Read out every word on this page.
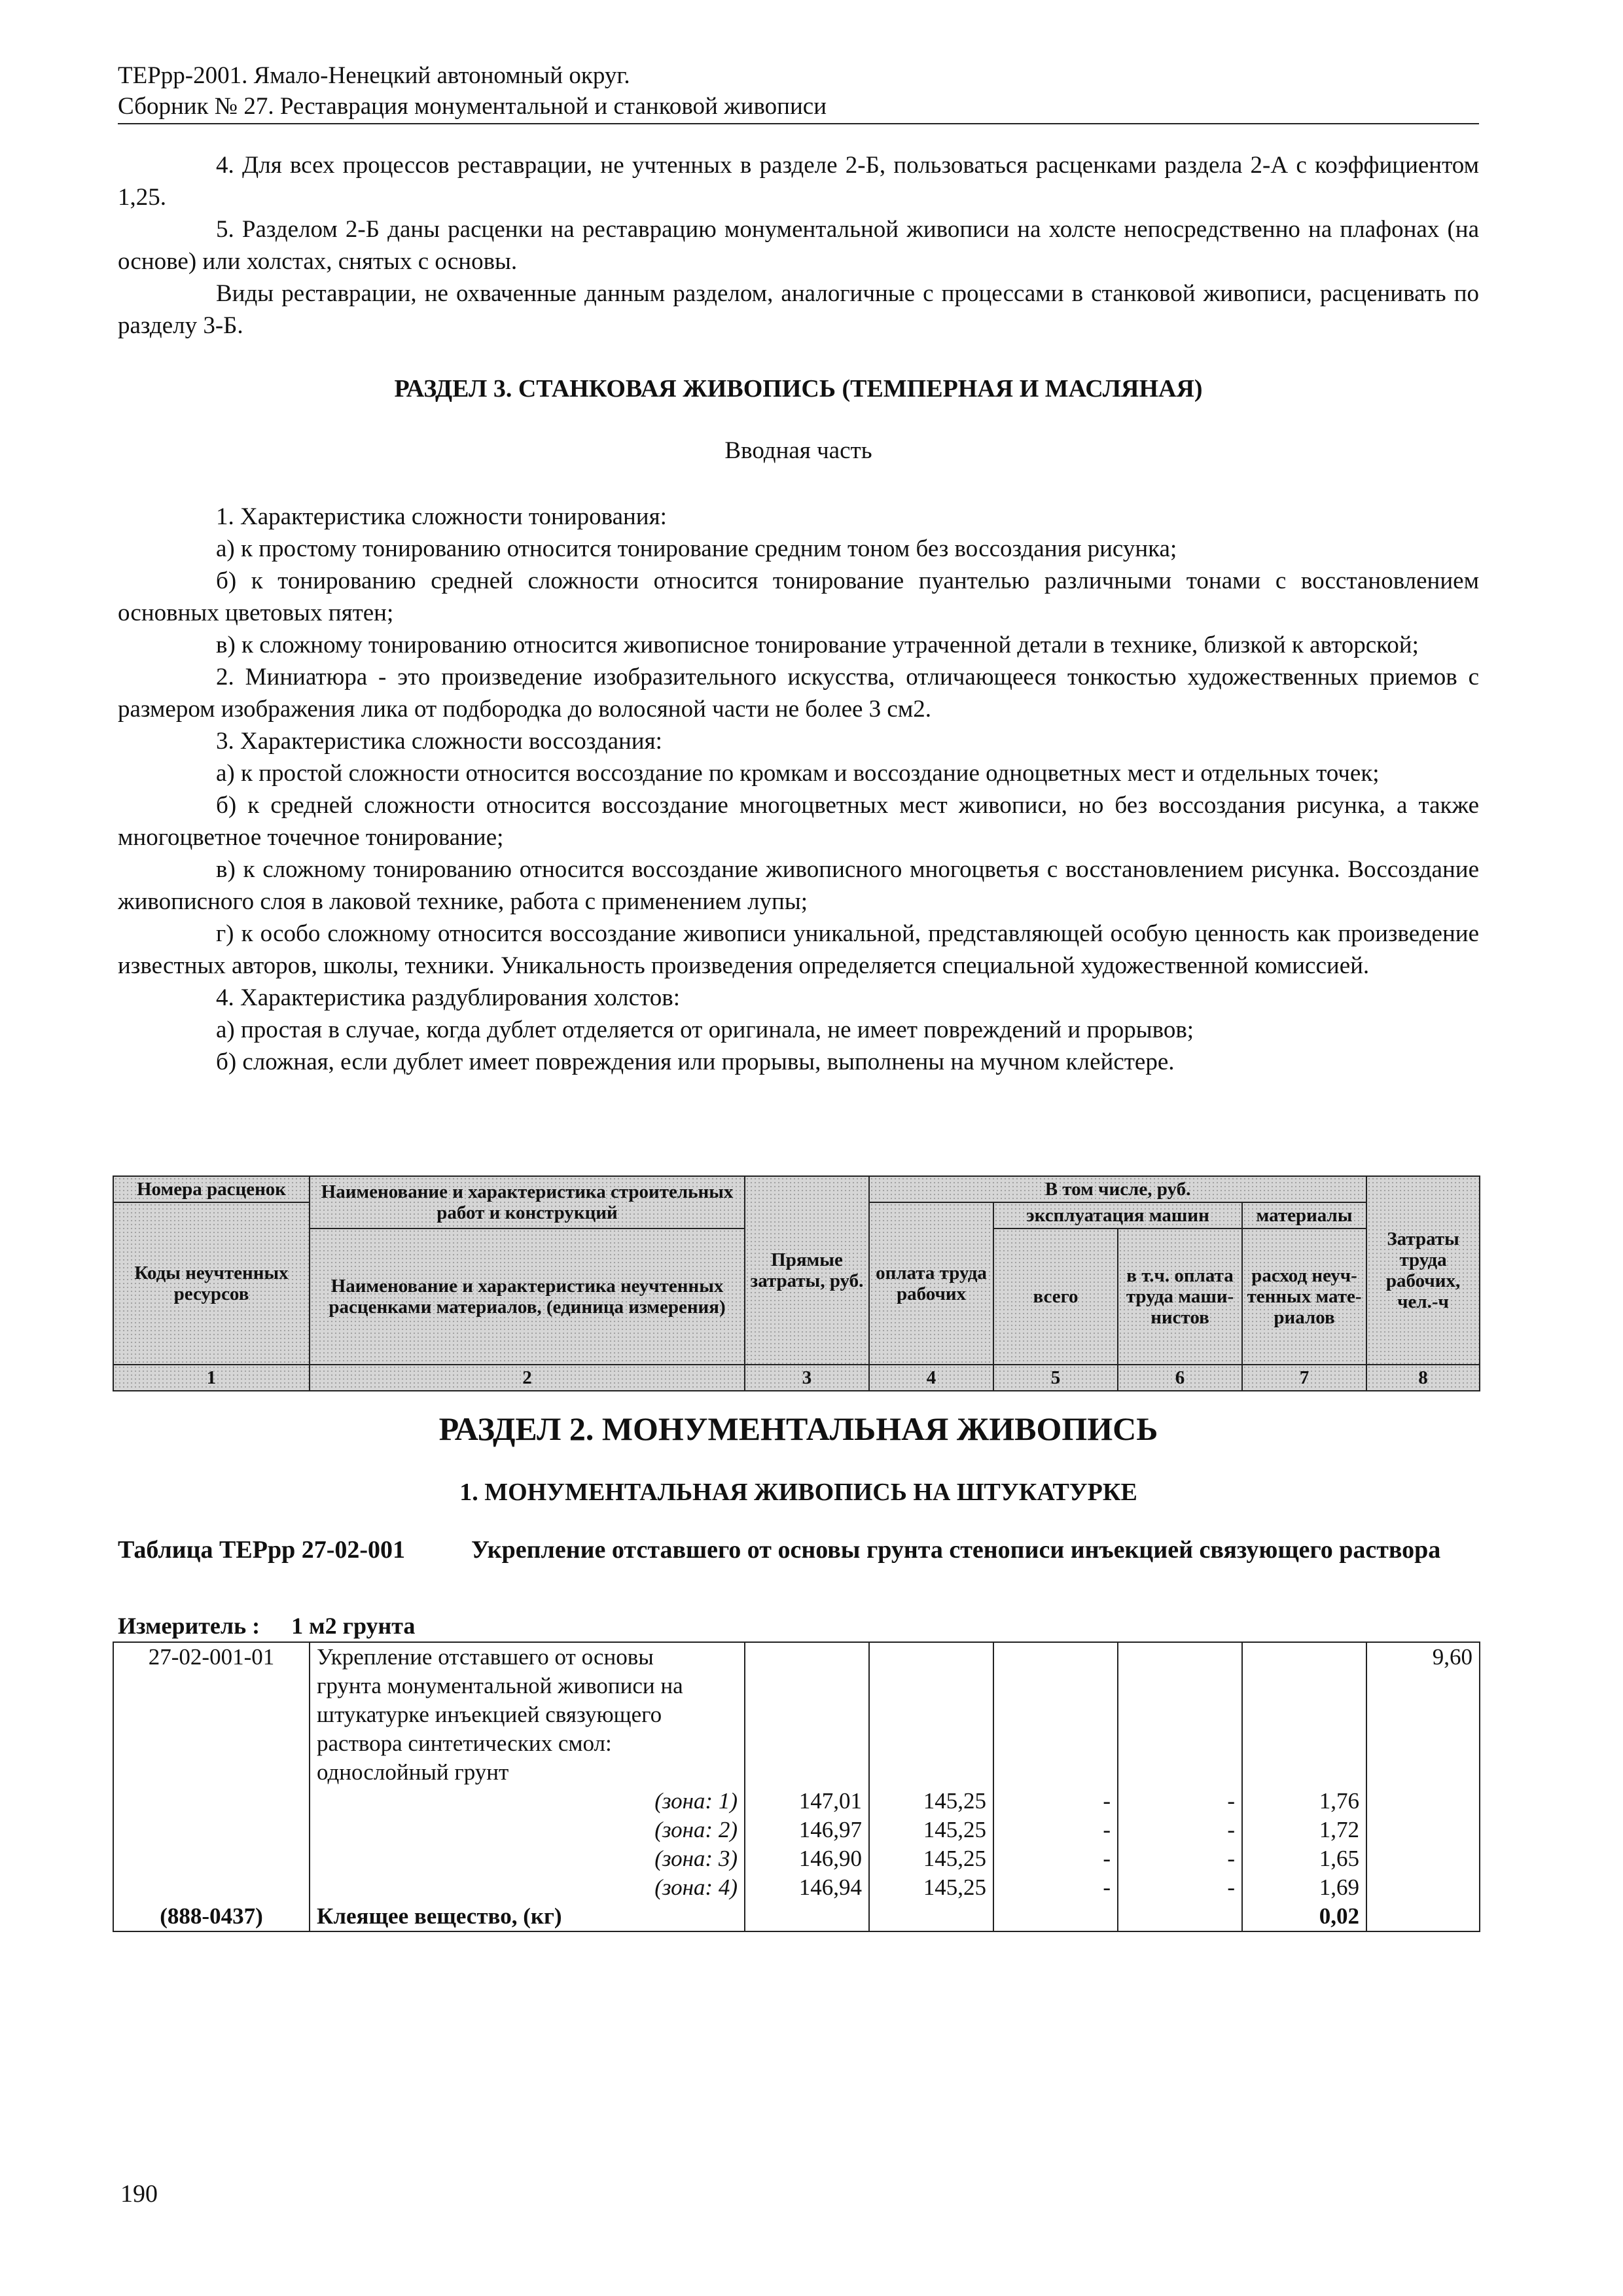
ТЕРрр-2001. Ямало-Ненецкий автономный округ.
Сборник № 27. Реставрация монументальной и станковой живописи

4. Для всех процессов реставрации, не учтенных в разделе 2-Б, пользоваться расценками раздела 2-А с коэффициентом 1,25.

5. Разделом 2-Б даны расценки на реставрацию монументальной живописи на холсте непосредственно на плафонах (на основе) или холстах, снятых с основы.

Виды реставрации, не охваченные данным разделом, аналогичные с процессами в станковой живописи, расценивать по разделу 3-Б.

РАЗДЕЛ 3. СТАНКОВАЯ ЖИВОПИСЬ (ТЕМПЕРНАЯ И МАСЛЯНАЯ)
Вводная часть

1. Характеристика сложности тонирования:

а) к простому тонированию относится тонирование средним тоном без воссоздания рисунка;

б) к тонированию средней сложности относится тонирование пуантелью различными тонами с восстановлением основных цветовых пятен;

в) к сложному тонированию относится живописное тонирование утраченной детали в технике, близкой к авторской;

2. Миниатюра - это произведение изобразительного искусства, отличающееся тонкостью художественных приемов с размером изображения лика от подбородка до волосяной части не более 3 см2.

3. Характеристика сложности воссоздания:

а) к простой сложности относится воссоздание по кромкам и воссоздание одноцветных мест и отдельных точек;

б) к средней сложности относится воссоздание многоцветных мест живописи, но без воссоздания рисунка, а также многоцветное точечное тонирование;

в) к сложному тонированию относится воссоздание живописного многоцветья с восстановлением рисунка. Воссоздание живописного слоя в лаковой технике, работа с применением лупы;

г) к особо сложному относится воссоздание живописи уникальной, представляющей особую ценность как произведение известных авторов, школы, техники. Уникальность произведения определяется специальной художественной комиссией.

4. Характеристика раздублирования холстов:

а) простая в случае, когда дублет отделяется от оригинала, не имеет повреждений и прорывов;

б) сложная, если дублет имеет повреждения или прорывы, выполнены на мучном клейстере.

Номера расценок	Наименование и характеристика строительных работ и конструкций	Прямые затраты, руб.	В том числе, руб.				Затраты труда рабочих, чел.-ч
Коды неучтенных ресурсов			оплата труда рабочих	эксплуатация машин		материалы	
	Наименование и характеристика неучтенных расценками материалов, (единица измерения)			всего	в т.ч. оплата труда маши-нистов	расход неуч-тенных мате-риалов	

1	2	3	4	5	6	7	8
РАЗДЕЛ 2. МОНУМЕНТАЛЬНАЯ ЖИВОПИСЬ
1. МОНУМЕНТАЛЬНАЯ ЖИВОПИСЬ НА ШТУКАТУРКЕ
Таблица ТЕРрр 27-02-001	Укрепление отставшего от основы грунта стенописи инъекцией связующего раствора
Измеритель : 1 м2 грунта
27-02-001-01	Укрепление отставшего от основы
грунта монументальной живописи на
штукатурке инъекцией связующего
раствора синтетических смол:
однослойный грунт						9,60
	(зона: 1)	147,01	145,25	-	-	1,76	
	(зона: 2)	146,97	145,25	-	-	1,72	
	(зона: 3)	146,90	145,25	-	-	1,65	
	(зона: 4)	146,94	145,25	-	-	1,69	
(888-0437)	Клеящее вещество, (кг)					0,02	
190
